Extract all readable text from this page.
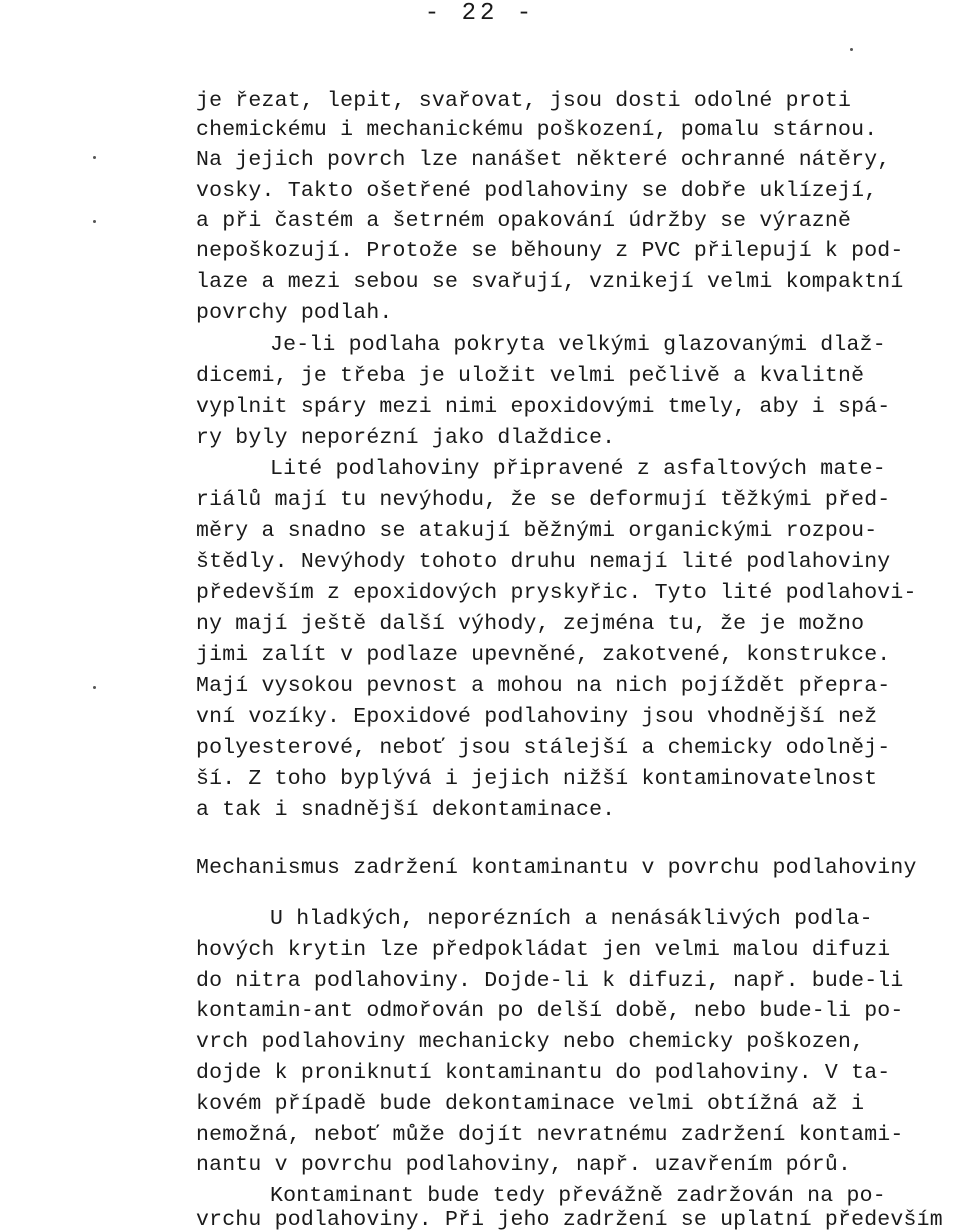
- 22 -
je řezat, lepit, svařovat, jsou dosti odolné proti
chemickému i mechanickému poškození, pomalu stárnou.
Na jejich povrch lze nanášet některé ochranné nátěry,
vosky. Takto ošetřené podlahoviny se dobře uklízejí,
a při častém a šetrném opakování údržby se výrazně
nepoškozují. Protože se běhouny z PVC přilepují k pod-
laze a mezi sebou se svařují, vznikejí velmi kompaktní
povrchy podlah.
Je-li podlaha pokryta velkými glazovanými dlaž-
dicemi, je třeba je uložit velmi pečlivě a kvalitně
vyplnit spáry mezi nimi epoxidovými tmely, aby i spá-
ry byly neporézní jako dlaždice.
Lité podlahoviny připravené z asfaltových mate-
riálů mají tu nevýhodu, že se deformují těžkými před-
měry a snadno se atakují běžnými organickými rozpou-
štědly. Nevýhody tohoto druhu nemají lité podlahoviny
především z epoxidových pryskyřic. Tyto lité podlahovi-
ny mají ještě další výhody, zejména tu, že je možno
jimi zalít v podlaze upevněné, zakotvené, konstrukce.
Mají vysokou pevnost a mohou na nich pojíždět přepra-
vní vozíky. Epoxidové podlahoviny jsou vhodnější než
polyesterové, neboť jsou stálejší a chemicky odolněj-
ší. Z toho byplývá i jejich nižší kontaminovatelnost
a tak i snadnější dekontaminace.
Mechanismus zadržení kontaminantu v povrchu podlahoviny
U hladkých, neporézních a nenásáklivých podla-
hových krytin lze předpokládat jen velmi malou difuzi
do nitra podlahoviny. Dojde-li k difuzi, např. bude-li
kontamin-ant odmořován po delší době, nebo bude-li po-
vrch podlahoviny mechanicky nebo chemicky poškozen,
dojde k proniknutí kontaminantu do podlahoviny. V ta-
kovém případě bude dekontaminace velmi obtížná až i
nemožná, neboť může dojít nevratnému zadržení kontami-
nantu v povrchu podlahoviny, např. uzavřením pórů.
Kontaminant bude tedy převážně zadržován na po-
vrchu podlahoviny. Při jeho zadržení se uplatní především
